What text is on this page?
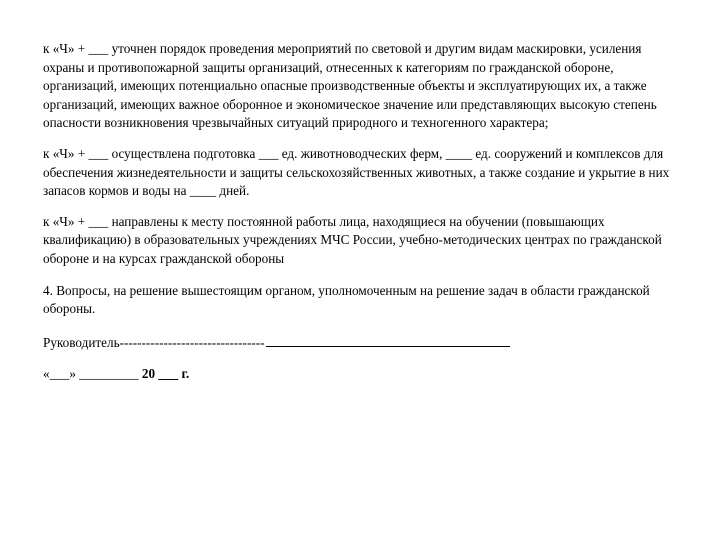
к «Ч» + ___ уточнен порядок проведения мероприятий по световой и другим видам маскировки, усиления охраны и противопожарной защиты организаций, отнесенных к категориям по гражданской обороне, организаций, имеющих потенциально опасные производственные объекты и эксплуатирующих их, а также организаций, имеющих важное оборонное и экономическое значение или представляющих высокую степень опасности возникновения чрезвычайных ситуаций природного и техногенного характера;

к «Ч» + ___ осуществлена подготовка ___ ед. животноводческих ферм, ____ ед. сооружений и комплексов для обеспечения жизнедеятельности и защиты сельскохозяйственных животных, а также создание и укрытие в них запасов кормов и воды на ____ дней.

к «Ч» + ___ направлены к месту постоянной работы лица, находящиеся на обучении (повышающих квалификацию) в образовательных учреждениях МЧС России, учебно-методических центрах по гражданской обороне и на курсах гражданской обороны

4. Вопросы, на решение вышестоящим органом, уполномоченным на решение задач в области гражданской обороны.

Руководитель---------------------------------
«___» _________ 20 ___ г.
